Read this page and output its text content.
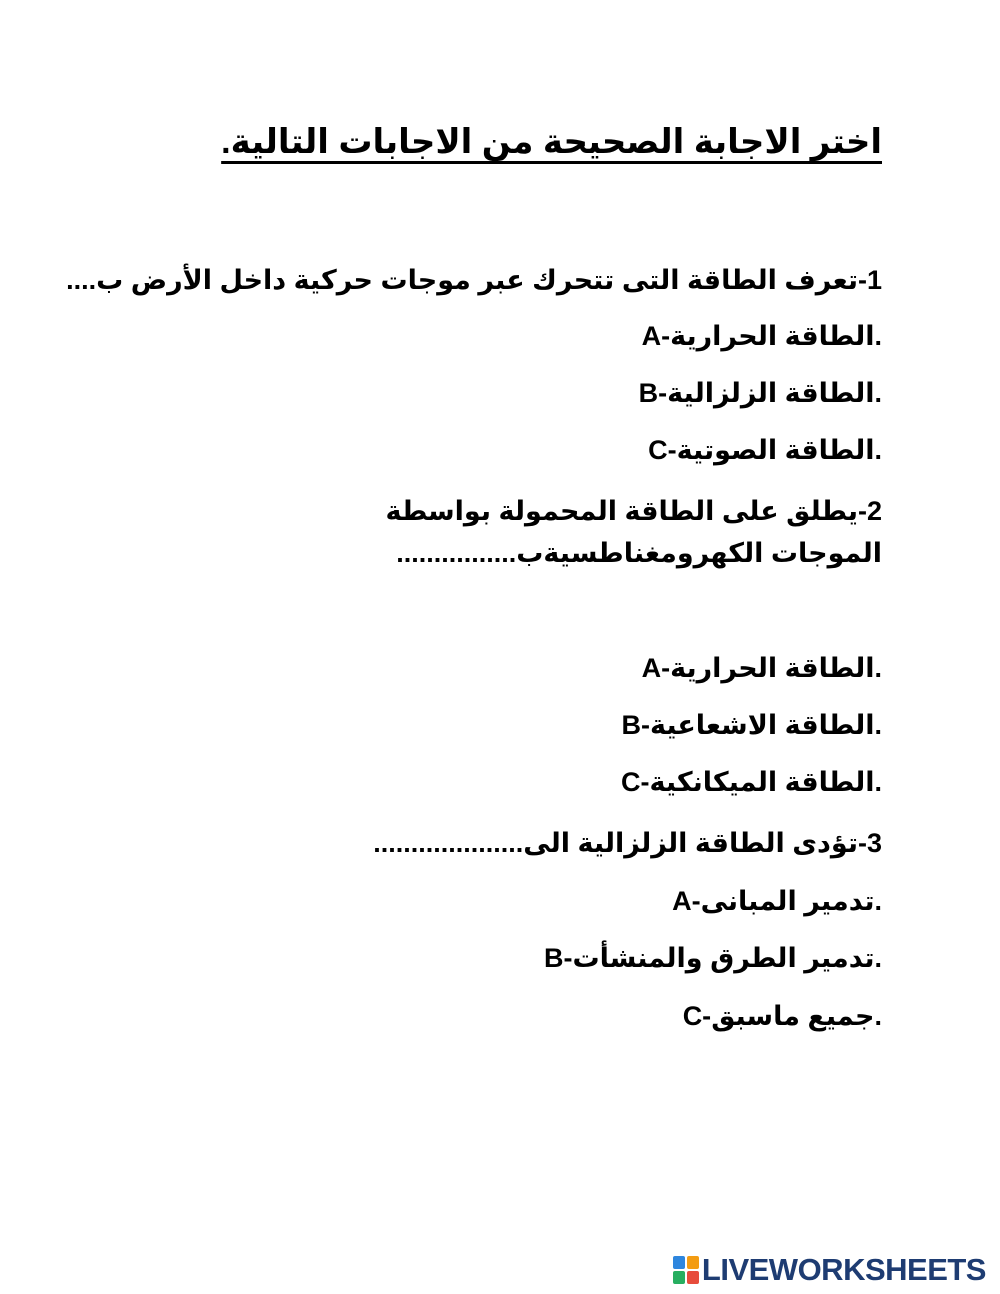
اختر الاجابة الصحيحة من الاجابات التالية.
1-تعرف الطاقة التى تتحرك عبر موجات حركية داخل الأرض ب....
A-الطاقة الحرارية.
B-الطاقة الزلزالية.
C-الطاقة الصوتية.
2-يطلق على الطاقة المحمولة بواسطة الموجات الكهرومغناطسيةب................
A-الطاقة الحرارية.
B-الطاقة الاشعاعية.
C-الطاقة الميكانكية.
3-تؤدى الطاقة الزلزالية الى....................
A-تدمير المبانى.
B-تدمير الطرق والمنشأت.
C-جميع ماسبق.
LIVEWORKSHEETS
